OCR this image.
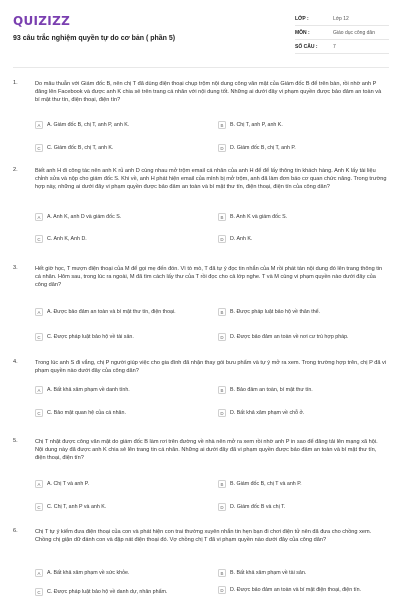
QUIZIZZ
93 câu trắc nghiệm quyền tự do cơ bản ( phần 5)
LỚP :	Lớp 12
MÔN :	Giáo dục công dân
SỐ CÂU :	7
1.	Do mâu thuẫn với Giám đốc B, nên chị T đã dùng điện thoại chụp trộm nội dung công văn mật của Giám đốc B để trên bàn, rồi nhờ anh P đăng lên Facebook và được anh K chia sẻ trên trang cá nhân với nội dung tốt. Những ai dưới đây vi phạm quyền được bảo đảm an toàn và bí mật thư tín, điện thoại, điện tín?

A	A. Giám đốc B, chị T, anh P, anh K.	B	B. Chị T, anh P, anh K.
C	C. Giám đốc B, chị T, anh K.	D	D. Giám đốc B, chị T, anh P.
2.	Biết anh H đi công tác nên anh K rủ anh D cùng nhau mở trộm email cá nhân của anh H để để lấy thông tin khách hàng. Anh K lấy tài liệu chỉnh sửa và nộp cho giám đốc S. Khi về, anh H phát hiện email của mình bị mở trộm, anh đã làm đơn báo cơ quan chức năng. Trong trường hợp này, những ai dưới đây vi phạm quyền được bảo đảm an toàn và bí mật thư tín, điện thoại, điện tín của công dân?

A	A. Anh K, anh D và giám đốc S.	B	B. Anh K và giám đốc S.
C	C. Anh K, Anh D.	D	D. Anh K.
3.	Hết giờ học, T mượn điện thoại của M để gọi mẹ đến đón. Vì tò mò, T đã tự ý đọc tin nhắn của M rồi phát tán nội dung đó lên trang thông tin cá nhân. Hôm sau, trong lúc ra ngoài, M đã tìm cách lấy thư của T rồi đọc cho cả lớp nghe. T và M cùng vi phạm quyền nào dưới đây của công dân?

A	A. Được bảo đảm an toàn và bí mật thư tín, điện thoại.	B	B. Được pháp luật bảo hộ về thân thể.
C	C. Được pháp luật bảo hộ về tài sản.	D	D. Được bảo đảm an toàn về nơi cư trú hợp pháp.
4.	Trong lúc anh S đi vắng, chị P người giúp việc cho gia đình đã nhận thay gói bưu phẩm và tự ý mở ra xem. Trong trường hợp trên, chị P đã vi phạm quyền nào dưới đây của công dân?

A	A. Bất khả xâm phạm về danh tính.	B	B. Bảo đảm an toàn, bí mật thư tín.
C	C. Bảo mật quan hệ của cá nhân.	D	D. Bất khả xâm phạm về chỗ ở.
5.	Chị T nhặt được công văn mật do giám đốc B làm rơi trên đường về nhà nên mở ra xem rồi nhờ anh P in sao để đăng tải lên mạng xã hội. Nội dung này đã được anh K chia sẻ lên trang tin cá nhân. Những ai dưới đây đã vi phạm quyền được bảo đảm an toàn và bí mật thư tín, điện thoại, điện tín?

A	A. Chị T và anh P.	B	B. Giám đốc B, chị T và anh P.
C	C. Chị T, anh P và anh K.	D	D. Giám đốc B và chị T.
6.	Chị T tự ý kiểm đưa điện thoại của con và phát hiện con trai thường xuyên nhắn tin hẹn bạn đi chơi điện tử nên đã đưa cho chồng xem. Chồng chị giận dữ đánh con và đập nát điện thoại đó. Vợ chồng chị T đã vi phạm quyền nào dưới đây của công dân?

A	A. Bất khả xâm phạm về sức khỏe.	B	B. Bất khả xâm phạm về tài sản.
C	C. Được pháp luật bảo hộ về danh dự, nhân phẩm.	D	D. Được bảo đảm an toàn và bí mật điện thoại, điện tín.
